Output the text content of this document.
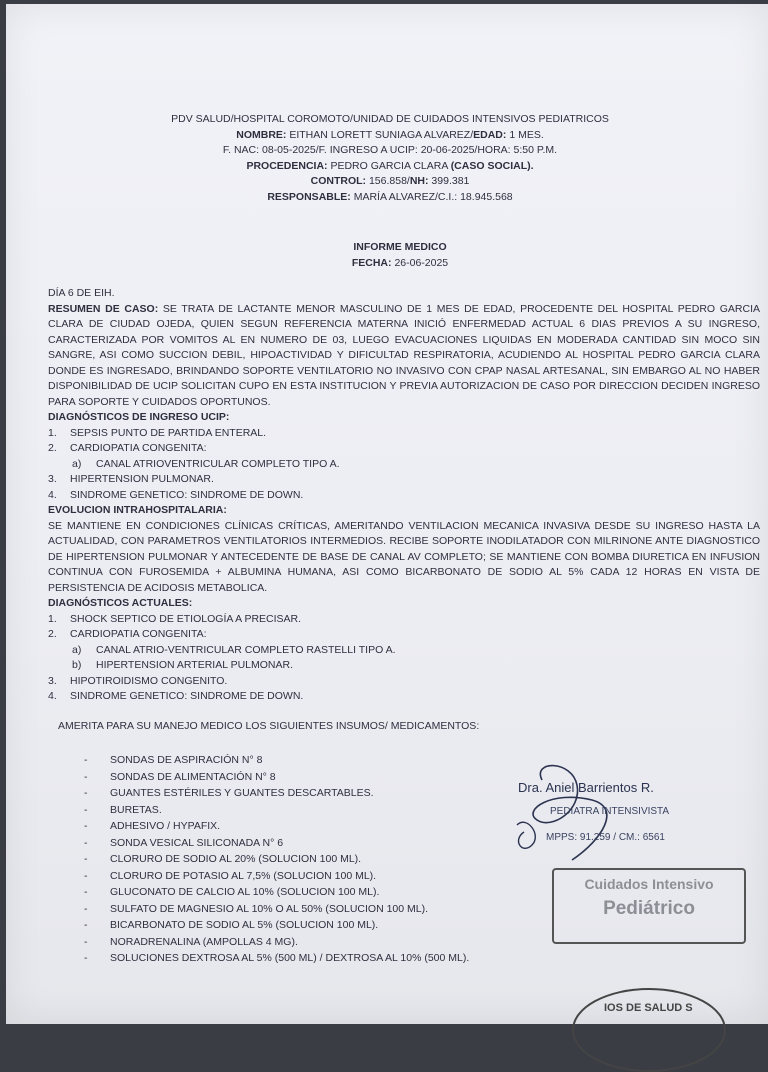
PDV SALUD/HOSPITAL COROMOTO/UNIDAD DE CUIDADOS INTENSIVOS PEDIATRICOS
NOMBRE: EITHAN LORETT SUNIAGA ALVAREZ/EDAD: 1 MES.
F. NAC: 08-05-2025/F. INGRESO A UCIP: 20-06-2025/HORA: 5:50 P.M.
PROCEDENCIA: PEDRO GARCIA CLARA (CASO SOCIAL).
CONTROL: 156.858/NH: 399.381
RESPONSABLE: MARÍA ALVAREZ/C.I.: 18.945.568
INFORME MEDICO
FECHA: 26-06-2025
DÍA 6 DE EIH.

RESUMEN DE CASO: SE TRATA DE LACTANTE MENOR MASCULINO DE 1 MES DE EDAD, PROCEDENTE DEL HOSPITAL PEDRO GARCIA CLARA DE CIUDAD OJEDA, QUIEN SEGUN REFERENCIA MATERNA INICIÓ ENFERMEDAD ACTUAL 6 DIAS PREVIOS A SU INGRESO, CARACTERIZADA POR VOMITOS AL EN NUMERO DE 03, LUEGO EVACUACIONES LIQUIDAS EN MODERADA CANTIDAD SIN MOCO SIN SANGRE, ASI COMO SUCCION DEBIL, HIPOACTIVIDAD Y DIFICULTAD RESPIRATORIA, ACUDIENDO AL HOSPITAL PEDRO GARCIA CLARA DONDE ES INGRESADO, BRINDANDO SOPORTE VENTILATORIO NO INVASIVO CON CPAP NASAL ARTESANAL, SIN EMBARGO AL NO HABER DISPONIBILIDAD DE UCIP SOLICITAN CUPO EN ESTA INSTITUCION Y PREVIA AUTORIZACION DE CASO POR DIRECCION DECIDEN INGRESO PARA SOPORTE Y CUIDADOS OPORTUNOS.

DIAGNÓSTICOS DE INGRESO UCIP:
1.	SEPSIS PUNTO DE PARTIDA ENTERAL.
2.	CARDIOPATIA CONGENITA:
a)	CANAL ATRIOVENTRICULAR COMPLETO TIPO A.
3.	HIPERTENSION PULMONAR.
4.	SINDROME GENETICO: SINDROME DE DOWN.
EVOLUCION INTRAHOSPITALARIA:

SE MANTIENE EN CONDICIONES CLÍNICAS CRÍTICAS, AMERITANDO VENTILACION MECANICA INVASIVA DESDE SU INGRESO HASTA LA ACTUALIDAD, CON PARAMETROS VENTILATORIOS INTERMEDIOS. RECIBE SOPORTE INODILATADOR CON MILRINONE ANTE DIAGNOSTICO DE HIPERTENSION PULMONAR Y ANTECEDENTE DE BASE DE CANAL AV COMPLETO; SE MANTIENE CON BOMBA DIURETICA EN INFUSION CONTINUA CON FUROSEMIDA + ALBUMINA HUMANA, ASI COMO BICARBONATO DE SODIO AL 5% CADA 12 HORAS EN VISTA DE PERSISTENCIA DE ACIDOSIS METABOLICA.

DIAGNÓSTICOS ACTUALES:
1.	SHOCK SEPTICO DE ETIOLOGÍA A PRECISAR.
2.	CARDIOPATIA CONGENITA:
a)	CANAL ATRIO-VENTRICULAR COMPLETO RASTELLI TIPO A.
b)	HIPERTENSION ARTERIAL PULMONAR.
3.	HIPOTIROIDISMO CONGENITO.
4.	SINDROME GENETICO: SINDROME DE DOWN.
AMERITA PARA SU MANEJO MEDICO LOS SIGUIENTES INSUMOS/ MEDICAMENTOS:
- SONDAS DE ASPIRACIÓN N° 8
- SONDAS DE ALIMENTACIÓN N° 8
- GUANTES ESTÉRILES Y GUANTES DESCARTABLES.
- BURETAS.
- ADHESIVO / HYPAFIX.
- SONDA VESICAL SILICONADA N° 6
- CLORURO DE SODIO AL 20% (SOLUCION 100 ML).
- CLORURO DE POTASIO AL 7,5% (SOLUCION 100 ML).
- GLUCONATO DE CALCIO AL 10% (SOLUCION 100 ML).
- SULFATO DE MAGNESIO AL 10% O AL 50% (SOLUCION 100 ML).
- BICARBONATO DE SODIO AL 5% (SOLUCION 100 ML).
- NORADRENALINA (AMPOLLAS 4 MG).
- SOLUCIONES DEXTROSA AL 5% (500 ML) / DEXTROSA AL 10% (500 ML).
Dra. Aniel Barrientos R.
PEDIATRA INTENSIVISTA
MPPS: 91.259 / CM.: 6561
Cuidados Intensivo
Pediátrico
IOS DE SALUD S
